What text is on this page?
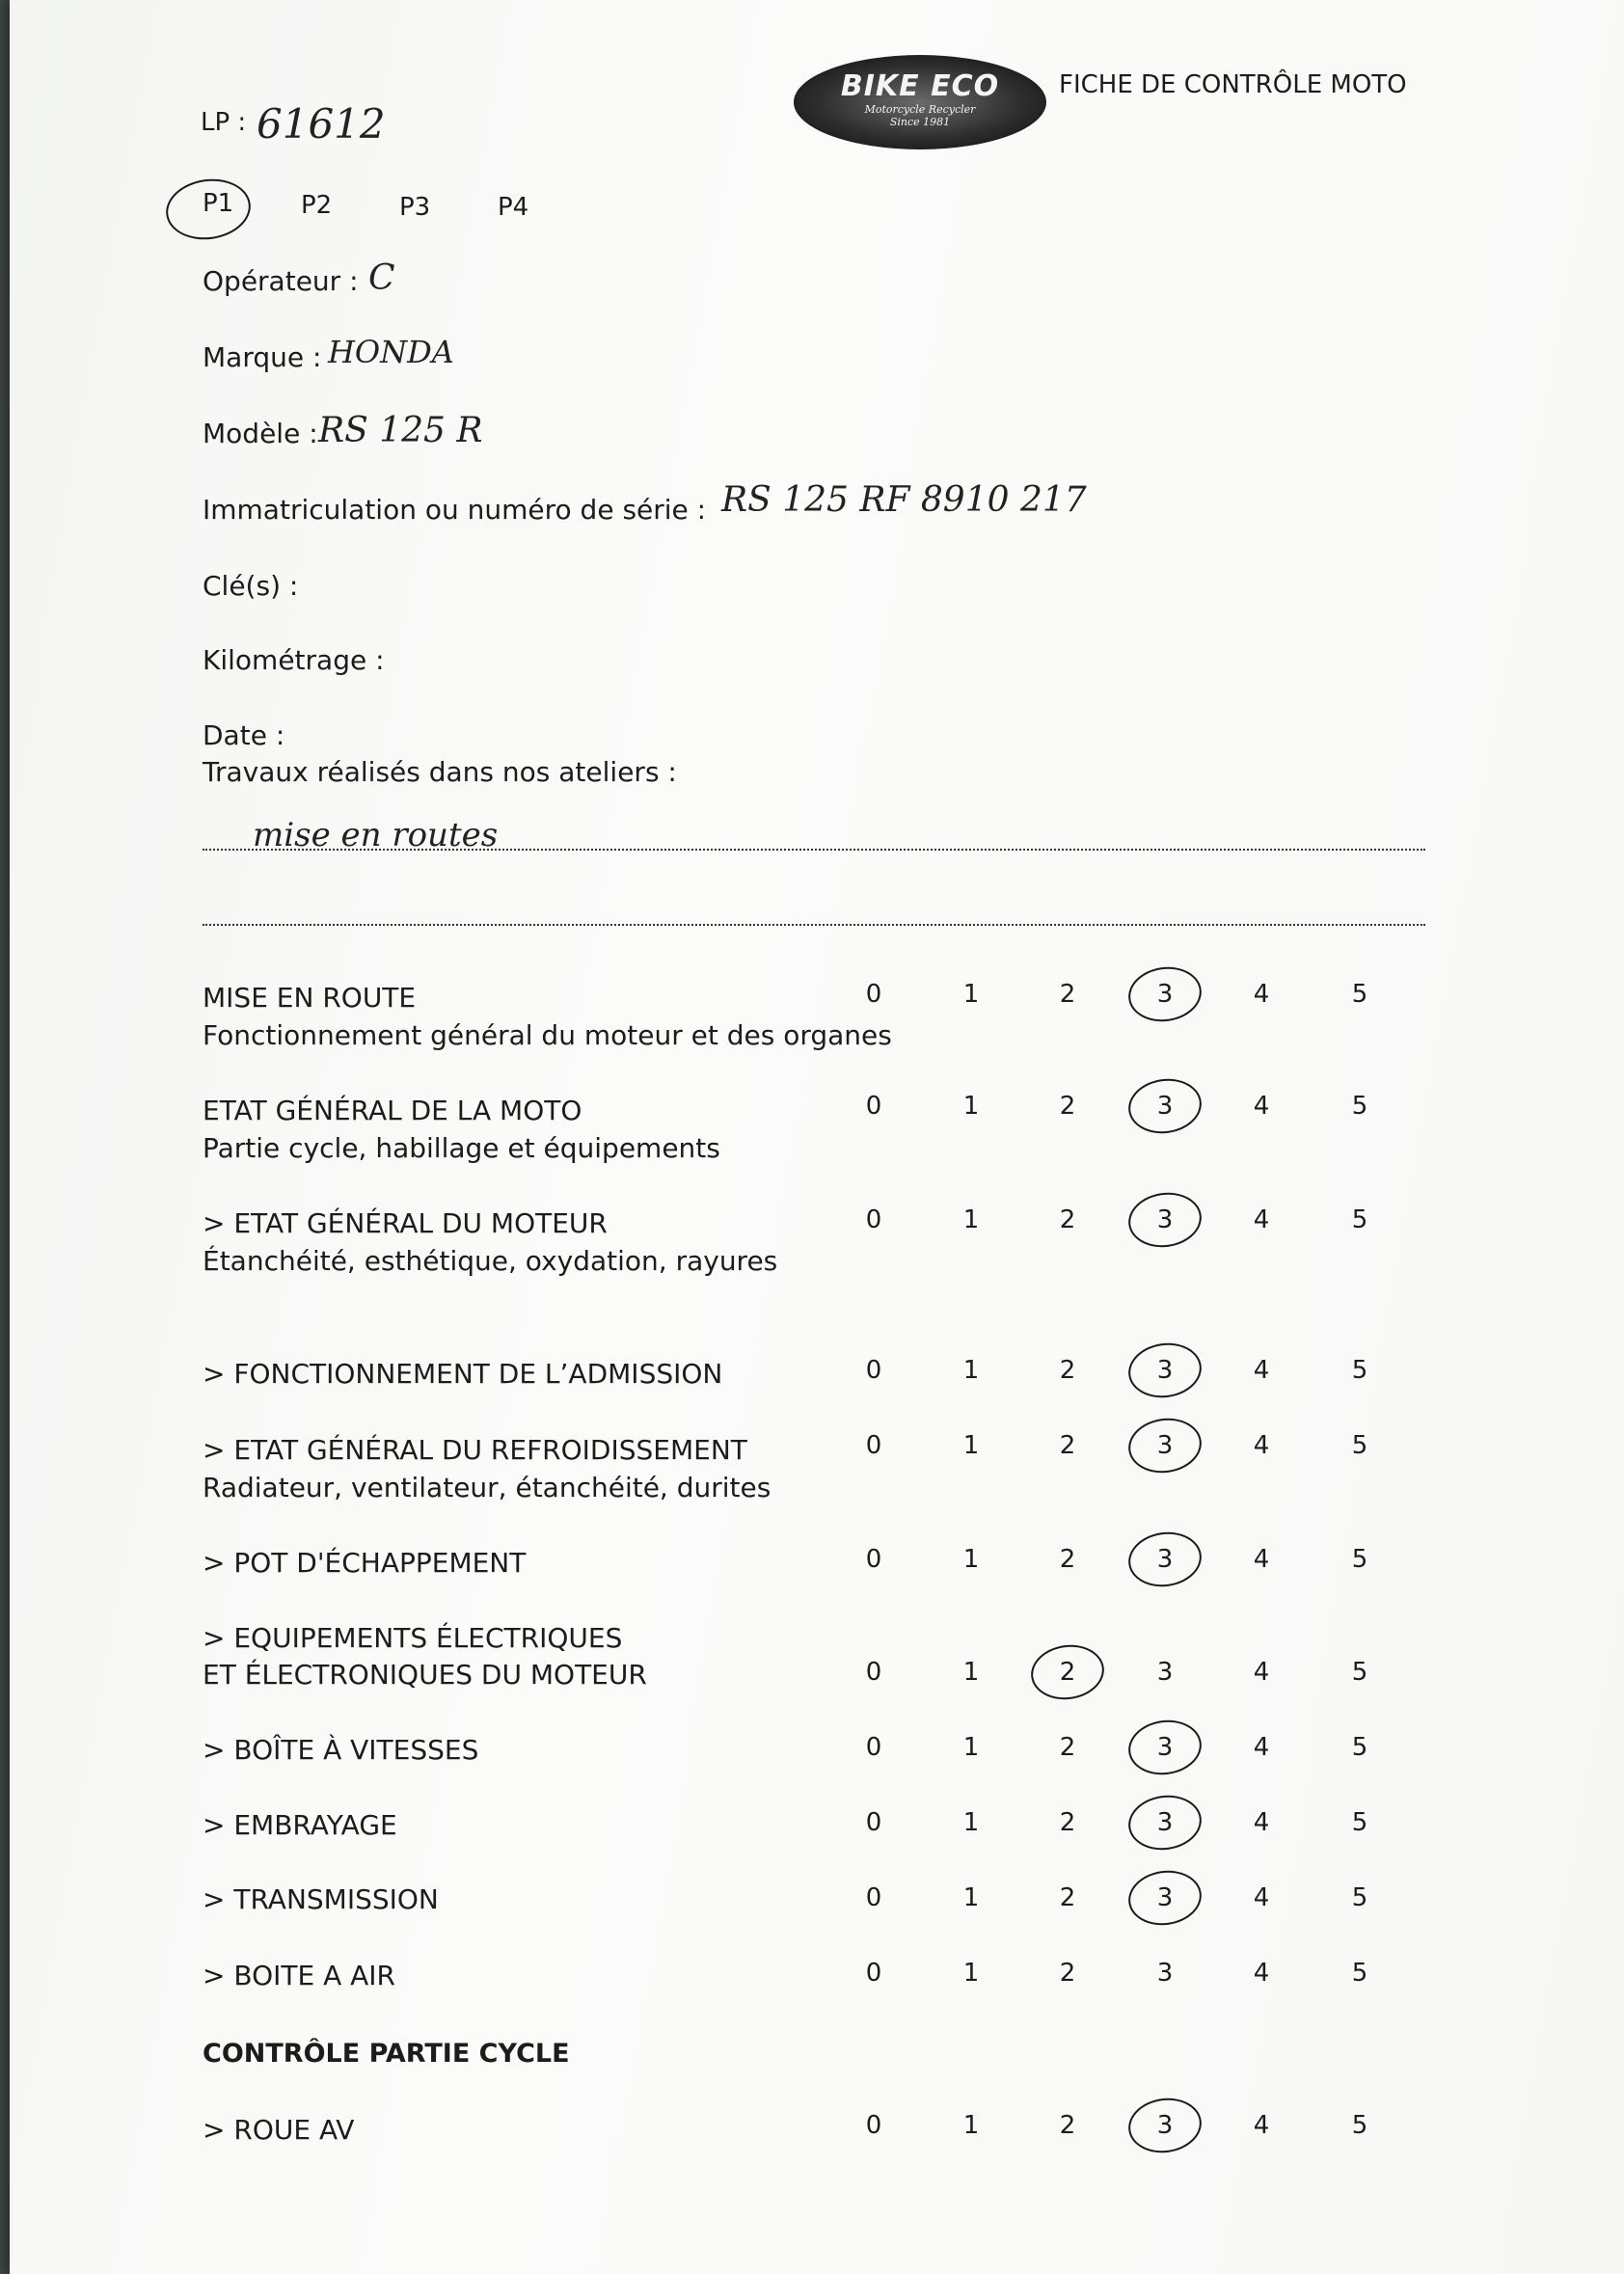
BIKE ECO
Motorcycle Recycler
Since 1981
FICHE DE CONTRÔLE MOTO
LP : 61612
P1	P2	P3	P4
Opérateur : C
Marque : HONDA
Modèle : RS 125 R
Immatriculation ou numéro de série : RS 125 RF 8910 217
Clé(s) :
Kilométrage :
Date :
Travaux réalisés dans nos ateliers :
mise en routes
CONTRÔLE PARTIE CYCLE
MISE EN ROUTE
Fonctionnement général du moteur et des organes
0	1	2	3	4	5
ETAT GÉNÉRAL DE LA MOTO
Partie cycle, habillage et équipements
0	1	2	3	4	5
> ETAT GÉNÉRAL DU MOTEUR
Étanchéité, esthétique, oxydation, rayures
0	1	2	3	4	5
> FONCTIONNEMENT DE L’ADMISSION	0	1	2	3	4	5
> ETAT GÉNÉRAL DU REFROIDISSEMENT
Radiateur, ventilateur, étanchéité, durites
0	1	2	3	4	5
> POT D'ÉCHAPPEMENT	0	1	2	3	4	5
> EQUIPEMENTS ÉLECTRIQUES
ET ÉLECTRONIQUES DU MOTEUR	0	1	2	3	4	5
> BOÎTE À VITESSES	0	1	2	3	4	5
> EMBRAYAGE	0	1	2	3	4	5
> TRANSMISSION	0	1	2	3	4	5
> BOITE A AIR	0	1	2	3	4	5
> ROUE AV	0	1	2	3	4	5
